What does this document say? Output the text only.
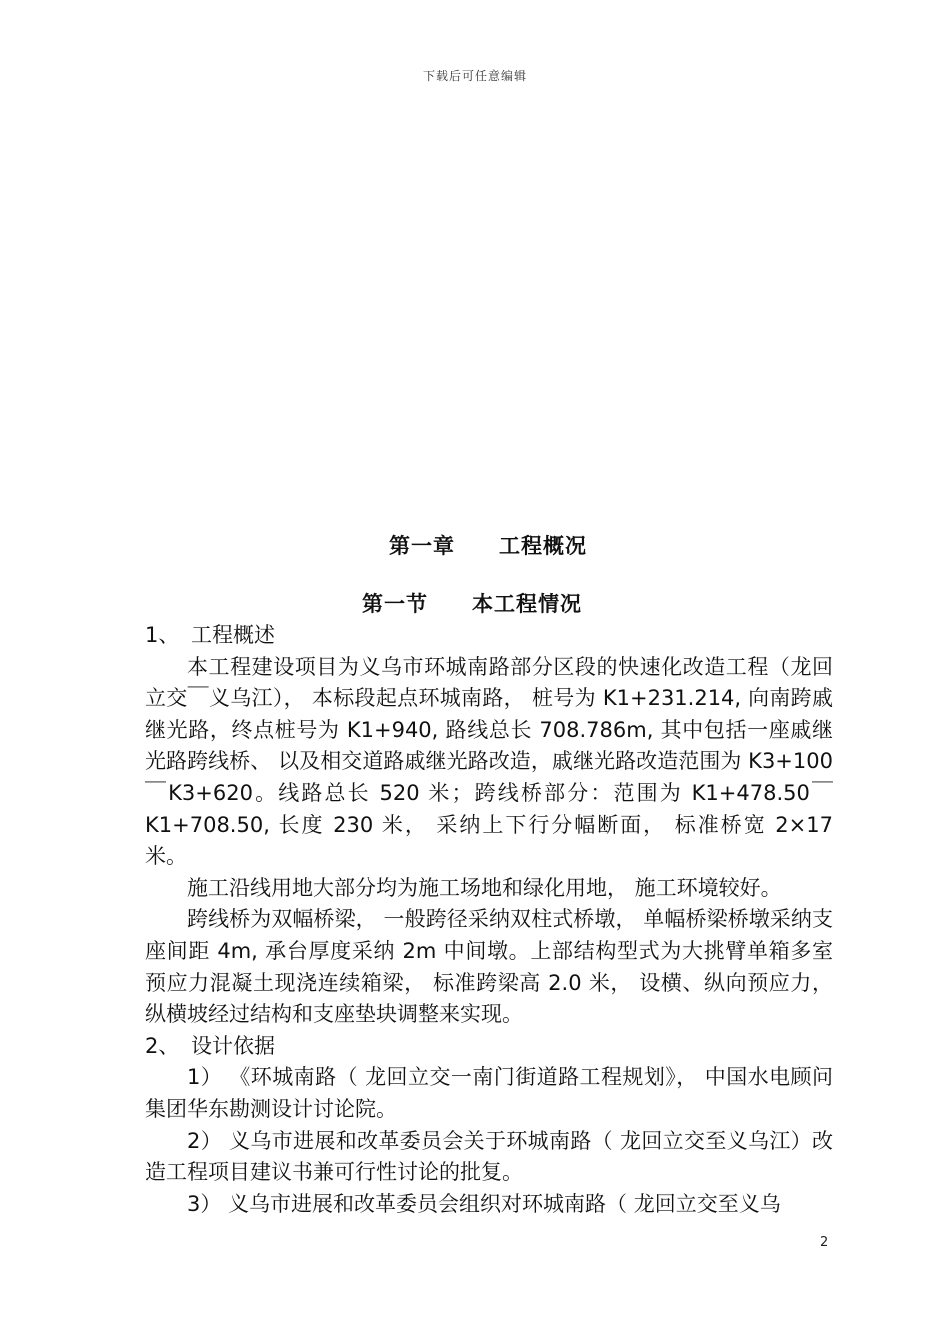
下载后可任意编辑
第一章　　工程概况
第一节　　本工程情况

1、 工程概述

本工程建设项目为义乌市环城南路部分区段的快速化改造工程（龙回立交￣义乌江）， 本标段起点环城南路， 桩号为 K1+231.214, 向南跨戚继光路，终点桩号为 K1+940, 路线总长 708.786m, 其中包括一座戚继光路跨线桥、 以及相交道路戚继光路改造，戚继光路改造范围为 K3+100￣K3+620。线路总长 520 米；跨线桥部分：范围为 K1+478.50￣K1+708.50, 长度 230 米， 采纳上下行分幅断面， 标准桥宽 2×17 米。

施工沿线用地大部分均为施工场地和绿化用地， 施工环境较好。

跨线桥为双幅桥梁， 一般跨径采纳双柱式桥墩， 单幅桥梁桥墩采纳支座间距 4m, 承台厚度采纳 2m 中间墩。上部结构型式为大挑臂单箱多室预应力混凝土现浇连续箱梁， 标准跨梁高 2.0 米， 设横、纵向预应力，纵横坡经过结构和支座垫块调整来实现。

2、 设计依据

1） 《环城南路（ 龙回立交一南门街道路工程规划》， 中国水电顾问集团华东勘测设计讨论院。

2） 义乌市进展和改革委员会关于环城南路（ 龙回立交至义乌江）改造工程项目建议书兼可行性讨论的批复。

3） 义乌市进展和改革委员会组织对环城南路（ 龙回立交至义乌

2
